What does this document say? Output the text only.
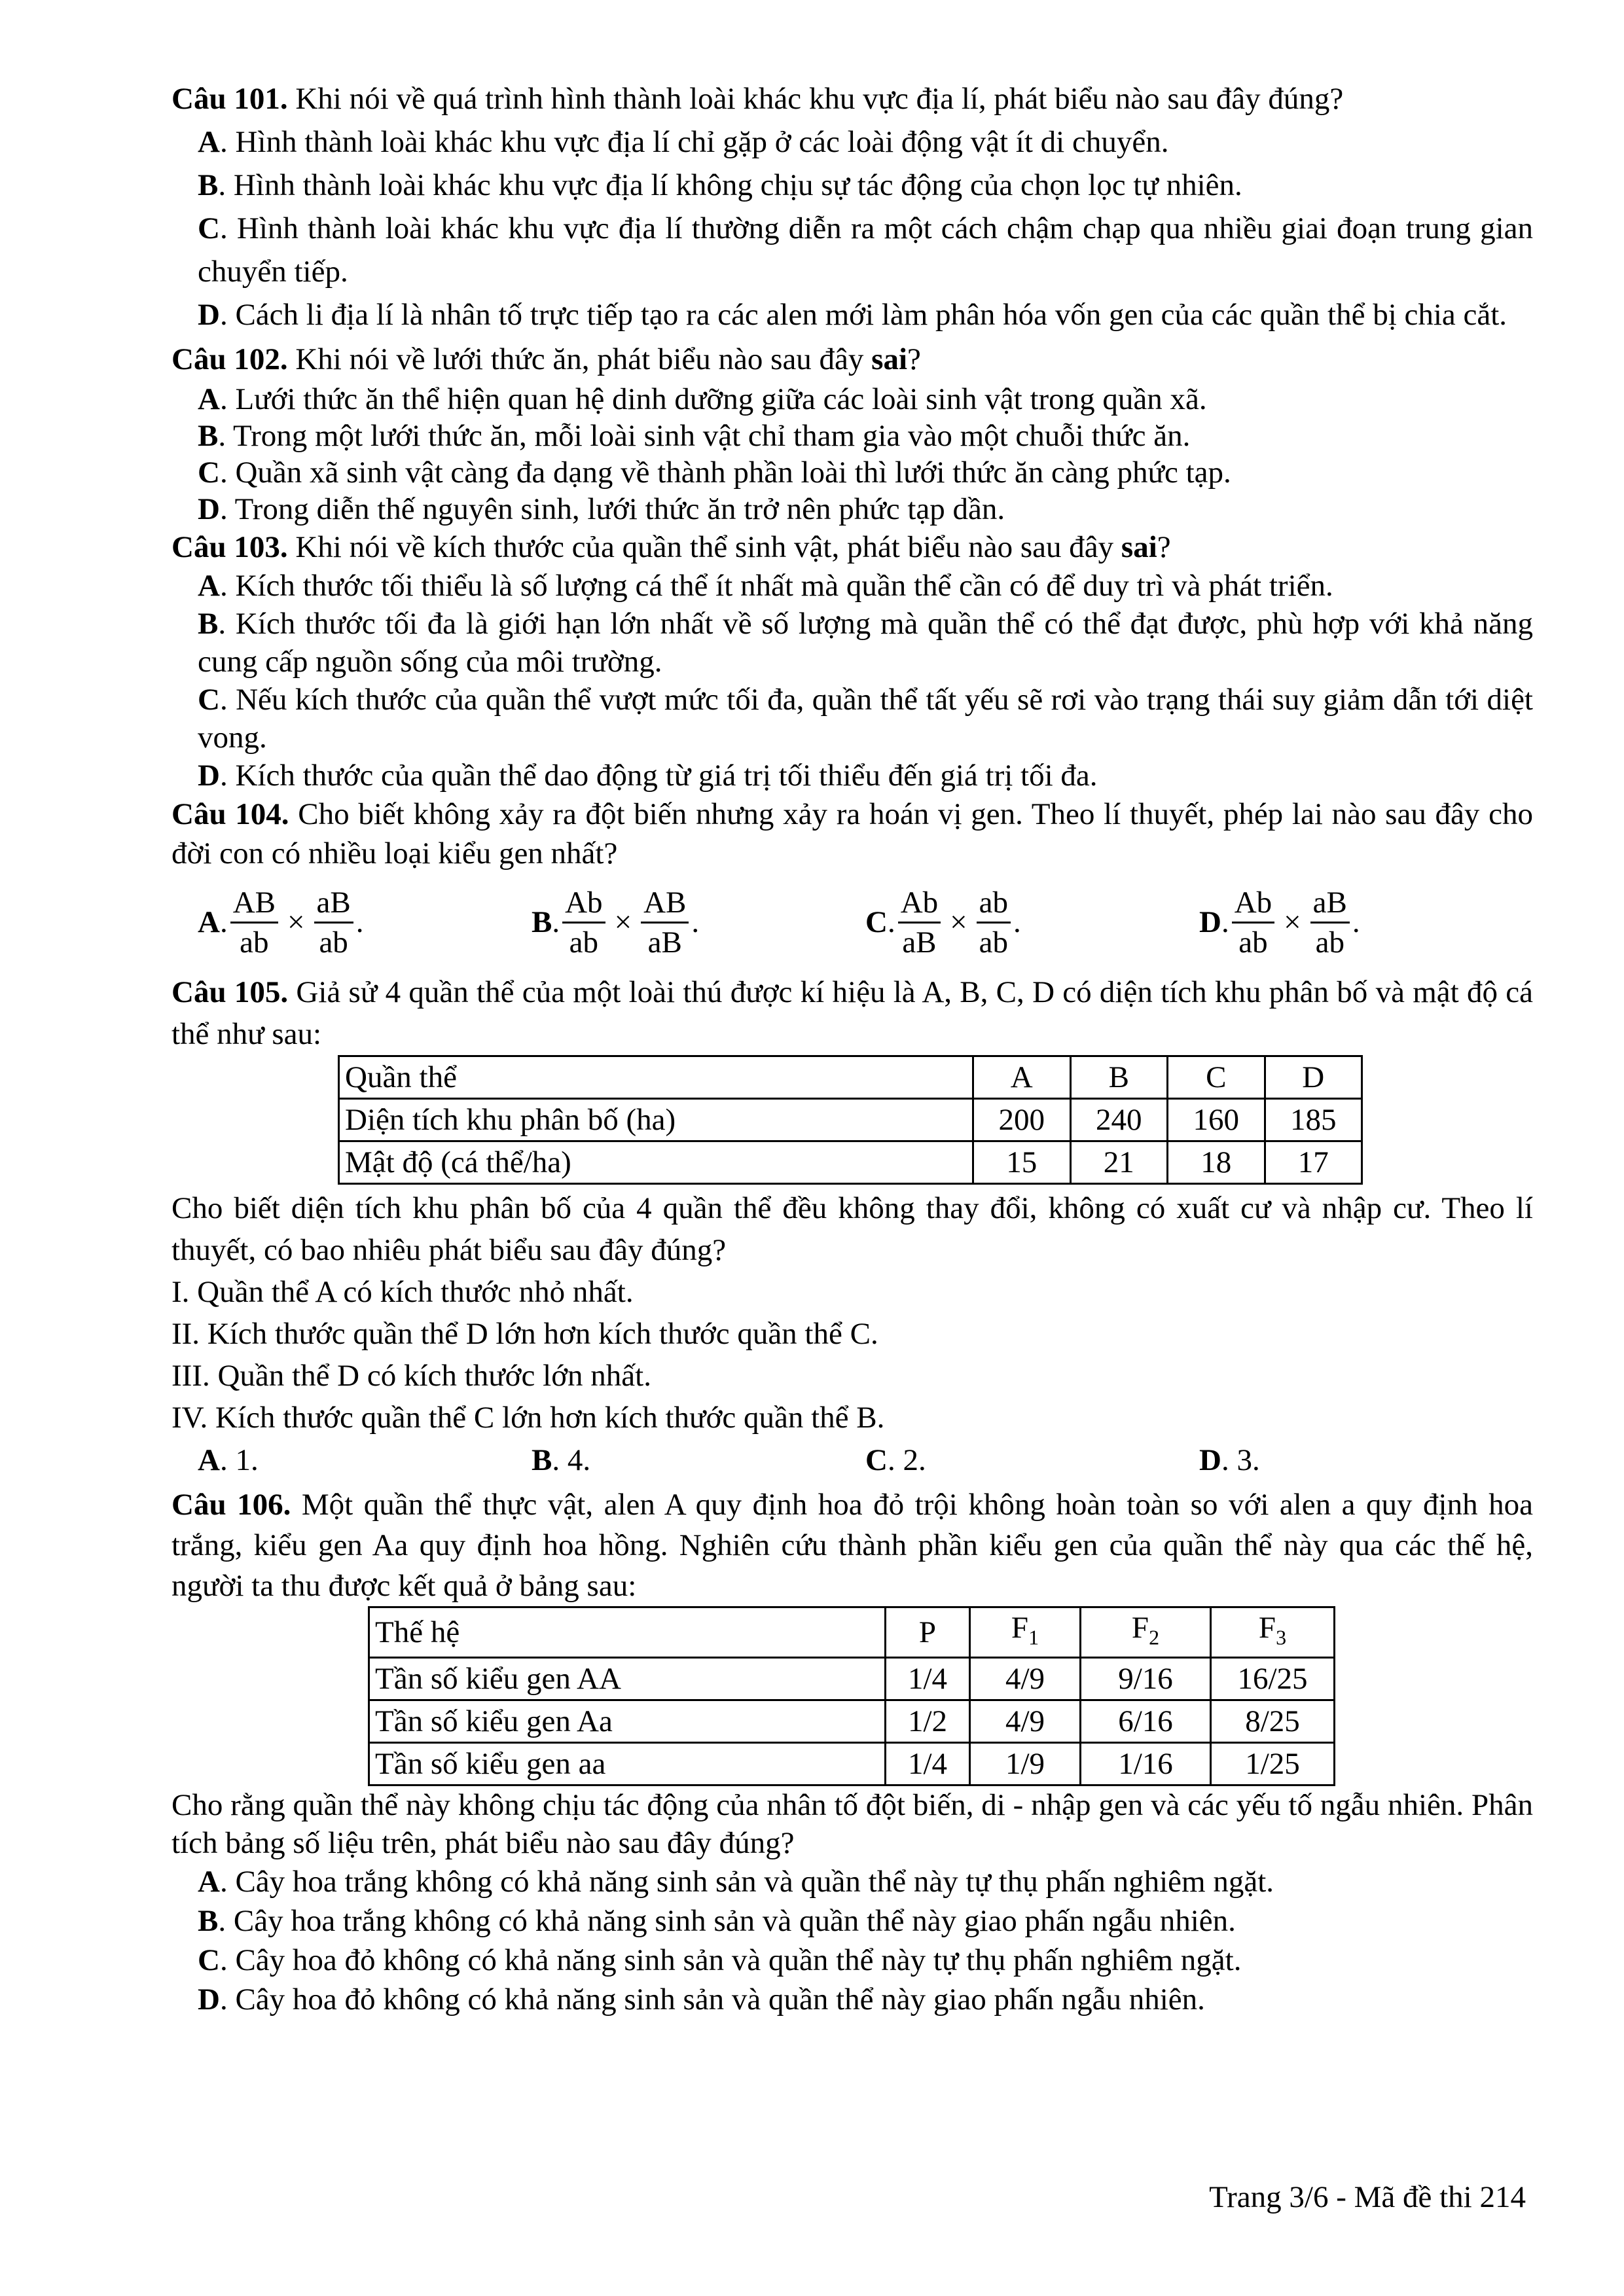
Câu 101. Khi nói về quá trình hình thành loài khác khu vực địa lí, phát biểu nào sau đây đúng?
A. Hình thành loài khác khu vực địa lí chỉ gặp ở các loài động vật ít di chuyển.
B. Hình thành loài khác khu vực địa lí không chịu sự tác động của chọn lọc tự nhiên.
C. Hình thành loài khác khu vực địa lí thường diễn ra một cách chậm chạp qua nhiều giai đoạn trung gian chuyển tiếp.
D. Cách li địa lí là nhân tố trực tiếp tạo ra các alen mới làm phân hóa vốn gen của các quần thể bị chia cắt.
Câu 102. Khi nói về lưới thức ăn, phát biểu nào sau đây sai?
A. Lưới thức ăn thể hiện quan hệ dinh dưỡng giữa các loài sinh vật trong quần xã.
B. Trong một lưới thức ăn, mỗi loài sinh vật chỉ tham gia vào một chuỗi thức ăn.
C. Quần xã sinh vật càng đa dạng về thành phần loài thì lưới thức ăn càng phức tạp.
D. Trong diễn thế nguyên sinh, lưới thức ăn trở nên phức tạp dần.
Câu 103. Khi nói về kích thước của quần thể sinh vật, phát biểu nào sau đây sai?
A. Kích thước tối thiểu là số lượng cá thể ít nhất mà quần thể cần có để duy trì và phát triển.
B. Kích thước tối đa là giới hạn lớn nhất về số lượng mà quần thể có thể đạt được, phù hợp với khả năng cung cấp nguồn sống của môi trường.
C. Nếu kích thước của quần thể vượt mức tối đa, quần thể tất yếu sẽ rơi vào trạng thái suy giảm dẫn tới diệt vong.
D. Kích thước của quần thể dao động từ giá trị tối thiểu đến giá trị tối đa.
Câu 104. Cho biết không xảy ra đột biến nhưng xảy ra hoán vị gen. Theo lí thuyết, phép lai nào sau đây cho đời con có nhiều loại kiểu gen nhất?
A . $\frac{AB}{ab} \times \frac{aB}{ab}$ .	B . $\frac{Ab}{ab} \times \frac{AB}{aB}$ .	C . $\frac{Ab}{aB} \times \frac{ab}{ab}$ .	D . $\frac{Ab}{ab} \times \frac{aB}{ab}$ .
Câu 105. Giả sử 4 quần thể của một loài thú được kí hiệu là A, B, C, D có diện tích khu phân bố và mật độ cá thể như sau:
Quần thể	A	B	C	D
Diện tích khu phân bố (ha)	200	240	160	185
Mật độ (cá thể/ha)	15	21	18	17
Cho biết diện tích khu phân bố của 4 quần thể đều không thay đổi, không có xuất cư và nhập cư. Theo lí thuyết, có bao nhiêu phát biểu sau đây đúng?
I. Quần thể A có kích thước nhỏ nhất.
II. Kích thước quần thể D lớn hơn kích thước quần thể C.
III. Quần thể D có kích thước lớn nhất.
IV. Kích thước quần thể C lớn hơn kích thước quần thể B.
A. 1.	B. 4.	C. 2.	D. 3.
Câu 106. Một quần thể thực vật, alen A quy định hoa đỏ trội không hoàn toàn so với alen a quy định hoa trắng, kiểu gen Aa quy định hoa hồng. Nghiên cứu thành phần kiểu gen của quần thể này qua các thế hệ, người ta thu được kết quả ở bảng sau:
Thế hệ	P	$F_1$	$F_2$	$F_3$
Tần số kiểu gen AA	1/4	4/9	9/16	16/25
Tần số kiểu gen Aa	1/2	4/9	6/16	8/25
Tần số kiểu gen aa	1/4	1/9	1/16	1/25
Cho rằng quần thể này không chịu tác động của nhân tố đột biến, di - nhập gen và các yếu tố ngẫu nhiên. Phân tích bảng số liệu trên, phát biểu nào sau đây đúng?
A. Cây hoa trắng không có khả năng sinh sản và quần thể này tự thụ phấn nghiêm ngặt.
B. Cây hoa trắng không có khả năng sinh sản và quần thể này giao phấn ngẫu nhiên.
C. Cây hoa đỏ không có khả năng sinh sản và quần thể này tự thụ phấn nghiêm ngặt.
D. Cây hoa đỏ không có khả năng sinh sản và quần thể này giao phấn ngẫu nhiên.
Trang 3/6 - Mã đề thi 214
